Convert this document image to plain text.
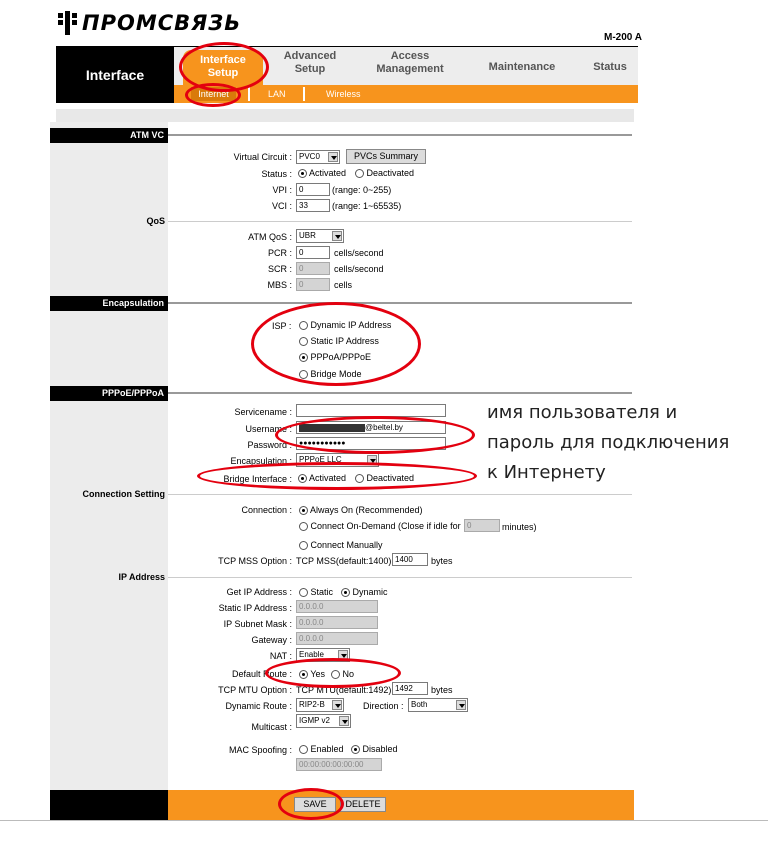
ПРОМСВЯЗЬ
M-200 A
Interface
Interface
Setup
Advanced
Setup
Access
Management	Maintenance	Status
Internet	LAN	Wireless
ATM VC
Virtual Circuit : PVC0	PVCs Summary
Status :	Activated	Deactivated
VPI : 0	(range: 0~255)
VCI : 33	(range: 1~65535)
QoS
ATM QoS : UBR
PCR : 0	cells/second
SCR : 0	cells/second
MBS : 0	cells
Encapsulation
ISP :	Dynamic IP Address
Static IP Address
PPPoA/PPPoE
Bridge Mode
PPPoE/PPPoA
Servicename :
Username :	@beltel.by
Password :	●●●●●●●●●●●
Encapsulation : PPPoE LLC
Bridge Interface :	Activated	Deactivated
Connection Setting
Connection :	Always On (Recommended)
Connect On-Demand (Close if idle for 0	minutes)
Connect Manually
TCP MSS Option : TCP MSS(default:1400) 1400	bytes
IP Address
Get IP Address :	Static	Dynamic
Static IP Address : 0.0.0.0
IP Subnet Mask : 0.0.0.0
Gateway : 0.0.0.0
NAT : Enable
Default Route :	Yes	No
TCP MTU Option : TCP MTU(default:1492) 1492	bytes
Dynamic Route : RIP2-B	Direction : Both
Multicast :
IGMP v2
MAC Spoofing :	Enabled	Disabled
00:00:00:00:00:00
SAVE	DELETE
имя пользователя и
пароль для подключения
к Интернету
